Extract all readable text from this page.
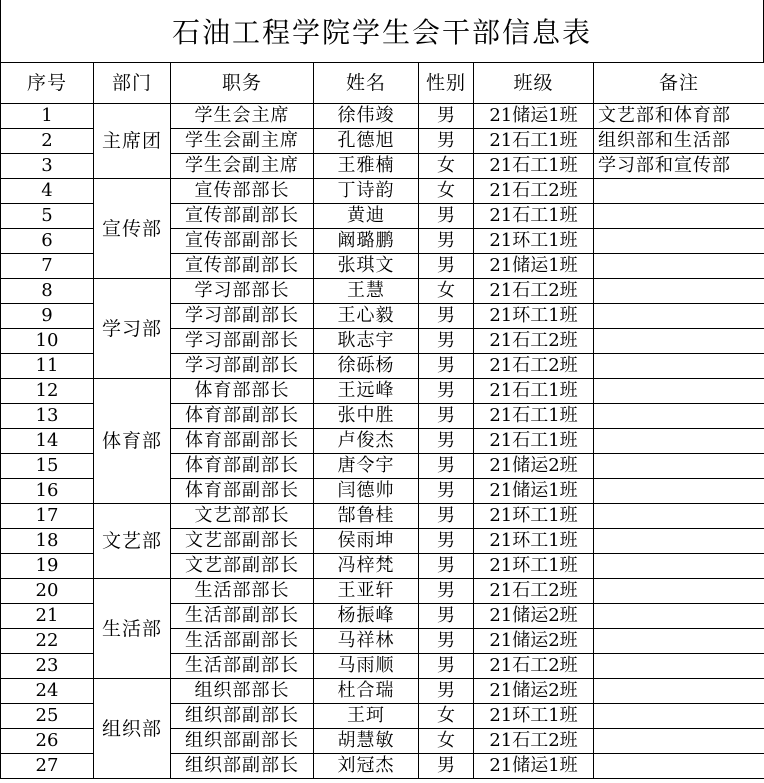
石油工程学院学生会干部信息表
序号	部门	职务	姓名	性别	班级	备注
1	主席团	学生会主席	徐伟竣	男	21储运1班	文艺部和体育部
2		学生会副主席	孔德旭	男	21石工1班	组织部和生活部
3		学生会副主席	王雅楠	女	21石工1班	学习部和宣传部
4	宣传部	宣传部部长	丁诗韵	女	21石工2班	
5		宣传部副部长	黄迪	男	21石工1班	
6		宣传部副部长	阚璐鹏	男	21环工1班	
7		宣传部副部长	张琪文	男	21储运1班	
8	学习部	学习部部长	王慧	女	21石工2班	
9		学习部副部长	王心毅	男	21环工1班	
10		学习部副部长	耿志宇	男	21石工2班	
11		学习部副部长	徐砾杨	男	21石工2班	
12	体育部	体育部部长	王远峰	男	21石工1班	
13		体育部副部长	张中胜	男	21石工1班	
14		体育部副部长	卢俊杰	男	21石工1班	
15		体育部副部长	唐令宇	男	21储运2班	
16		体育部副部长	闫德帅	男	21储运1班	
17	文艺部	文艺部部长	郜鲁桂	男	21环工1班	
18		文艺部副部长	侯雨坤	男	21环工1班	
19		文艺部副部长	冯梓梵	男	21环工1班	
20	生活部	生活部部长	王亚轩	男	21石工2班	
21		生活部副部长	杨振峰	男	21储运2班	
22		生活部副部长	马祥林	男	21储运2班	
23		生活部副部长	马雨顺	男	21石工2班	
24	组织部	组织部部长	杜合瑞	男	21储运2班	
25		组织部副部长	王珂	女	21环工1班	
26		组织部副部长	胡慧敏	女	21石工2班	
27		组织部副部长	刘冠杰	男	21储运1班	
